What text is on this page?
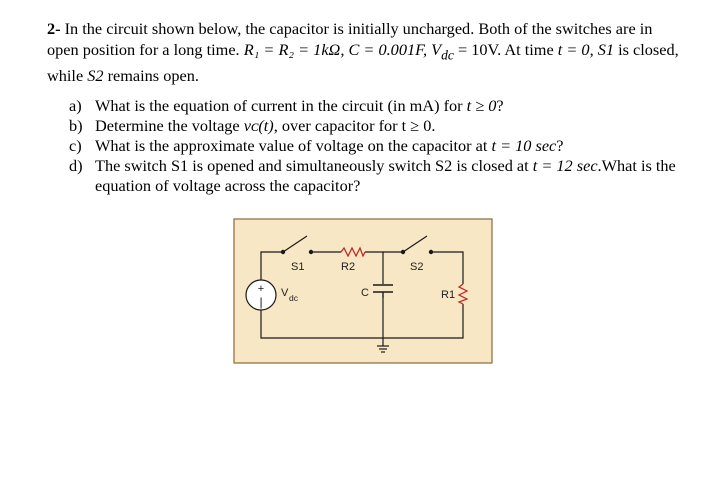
2- In the circuit shown below, the capacitor is initially uncharged. Both of the switches are in open position for a long time. R₁ = R₂ = 1kΩ, C = 0.001F, $V_{dc} = 10V$. At time t = 0, S1 is closed, while S2 remains open.

a) What is the equation of current in the circuit (in mA) for t ≥ 0?
b) Determine the voltage vᴄ(t), over capacitor for t ≥ 0.
c) What is the approximate value of voltage on the capacitor at t = 10 sec?
d) The switch S1 is opened and simultaneously switch S2 is closed at t = 12 sec.What is the equation of voltage across the capacitor?
+
|
S1	R2	S2
C	R1
V dc
